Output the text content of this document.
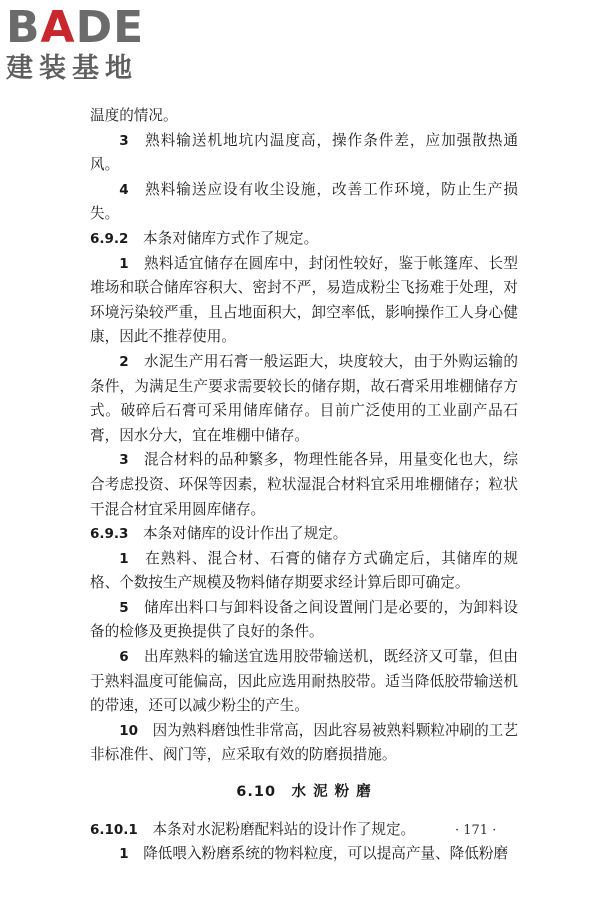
BADE
建装基地

温度的情况。

3　 熟料输送机地坑内温度高，操作条件差，应加强散热通风。

4　 熟料输送应设有收尘设施，改善工作环境，防止生产损失。

6.9.2　 本条对储库方式作了规定。

1　 熟料适宜储存在圆库中，封闭性较好，鉴于帐篷库、长型堆场和联合储库容积大、密封不严，易造成粉尘飞扬难于处理，对环境污染较严重，且占地面积大，卸空率低，影响操作工人身心健康，因此不推荐使用。

2　 水泥生产用石膏一般运距大，块度较大，由于外购运输的条件，为满足生产要求需要较长的储存期，故石膏采用堆棚储存方式。破碎后石膏可采用储库储存。目前广泛使用的工业副产品石膏，因水分大，宜在堆棚中储存。

3　 混合材料的品种繁多，物理性能各异，用量变化也大，综合考虑投资、环保等因素，粒状湿混合材料宜采用堆棚储存；粒状干混合材宜采用圆库储存。

6.9.3　 本条对储库的设计作出了规定。

1　 在熟料、混合材、石膏的储存方式确定后，其储库的规格、个数按生产规模及物料储存期要求经计算后即可确定。

5　 储库出料口与卸料设备之间设置闸门是必要的，为卸料设备的检修及更换提供了良好的条件。

6　 出库熟料的输送宜选用胶带输送机，既经济又可靠，但由于熟料温度可能偏高，因此应选用耐热胶带。适当降低胶带输送机的带速，还可以减少粉尘的产生。

10　 因为熟料磨蚀性非常高，因此容易被熟料颗粒冲刷的工艺非标准件、阀门等，应采取有效的防磨损措施。

6.10　水 泥 粉 磨

6.10.1　 本条对水泥粉磨配料站的设计作了规定。

1　 降低喂入粉磨系统的物料粒度，可以提高产量、降低粉磨

· 171 ·
